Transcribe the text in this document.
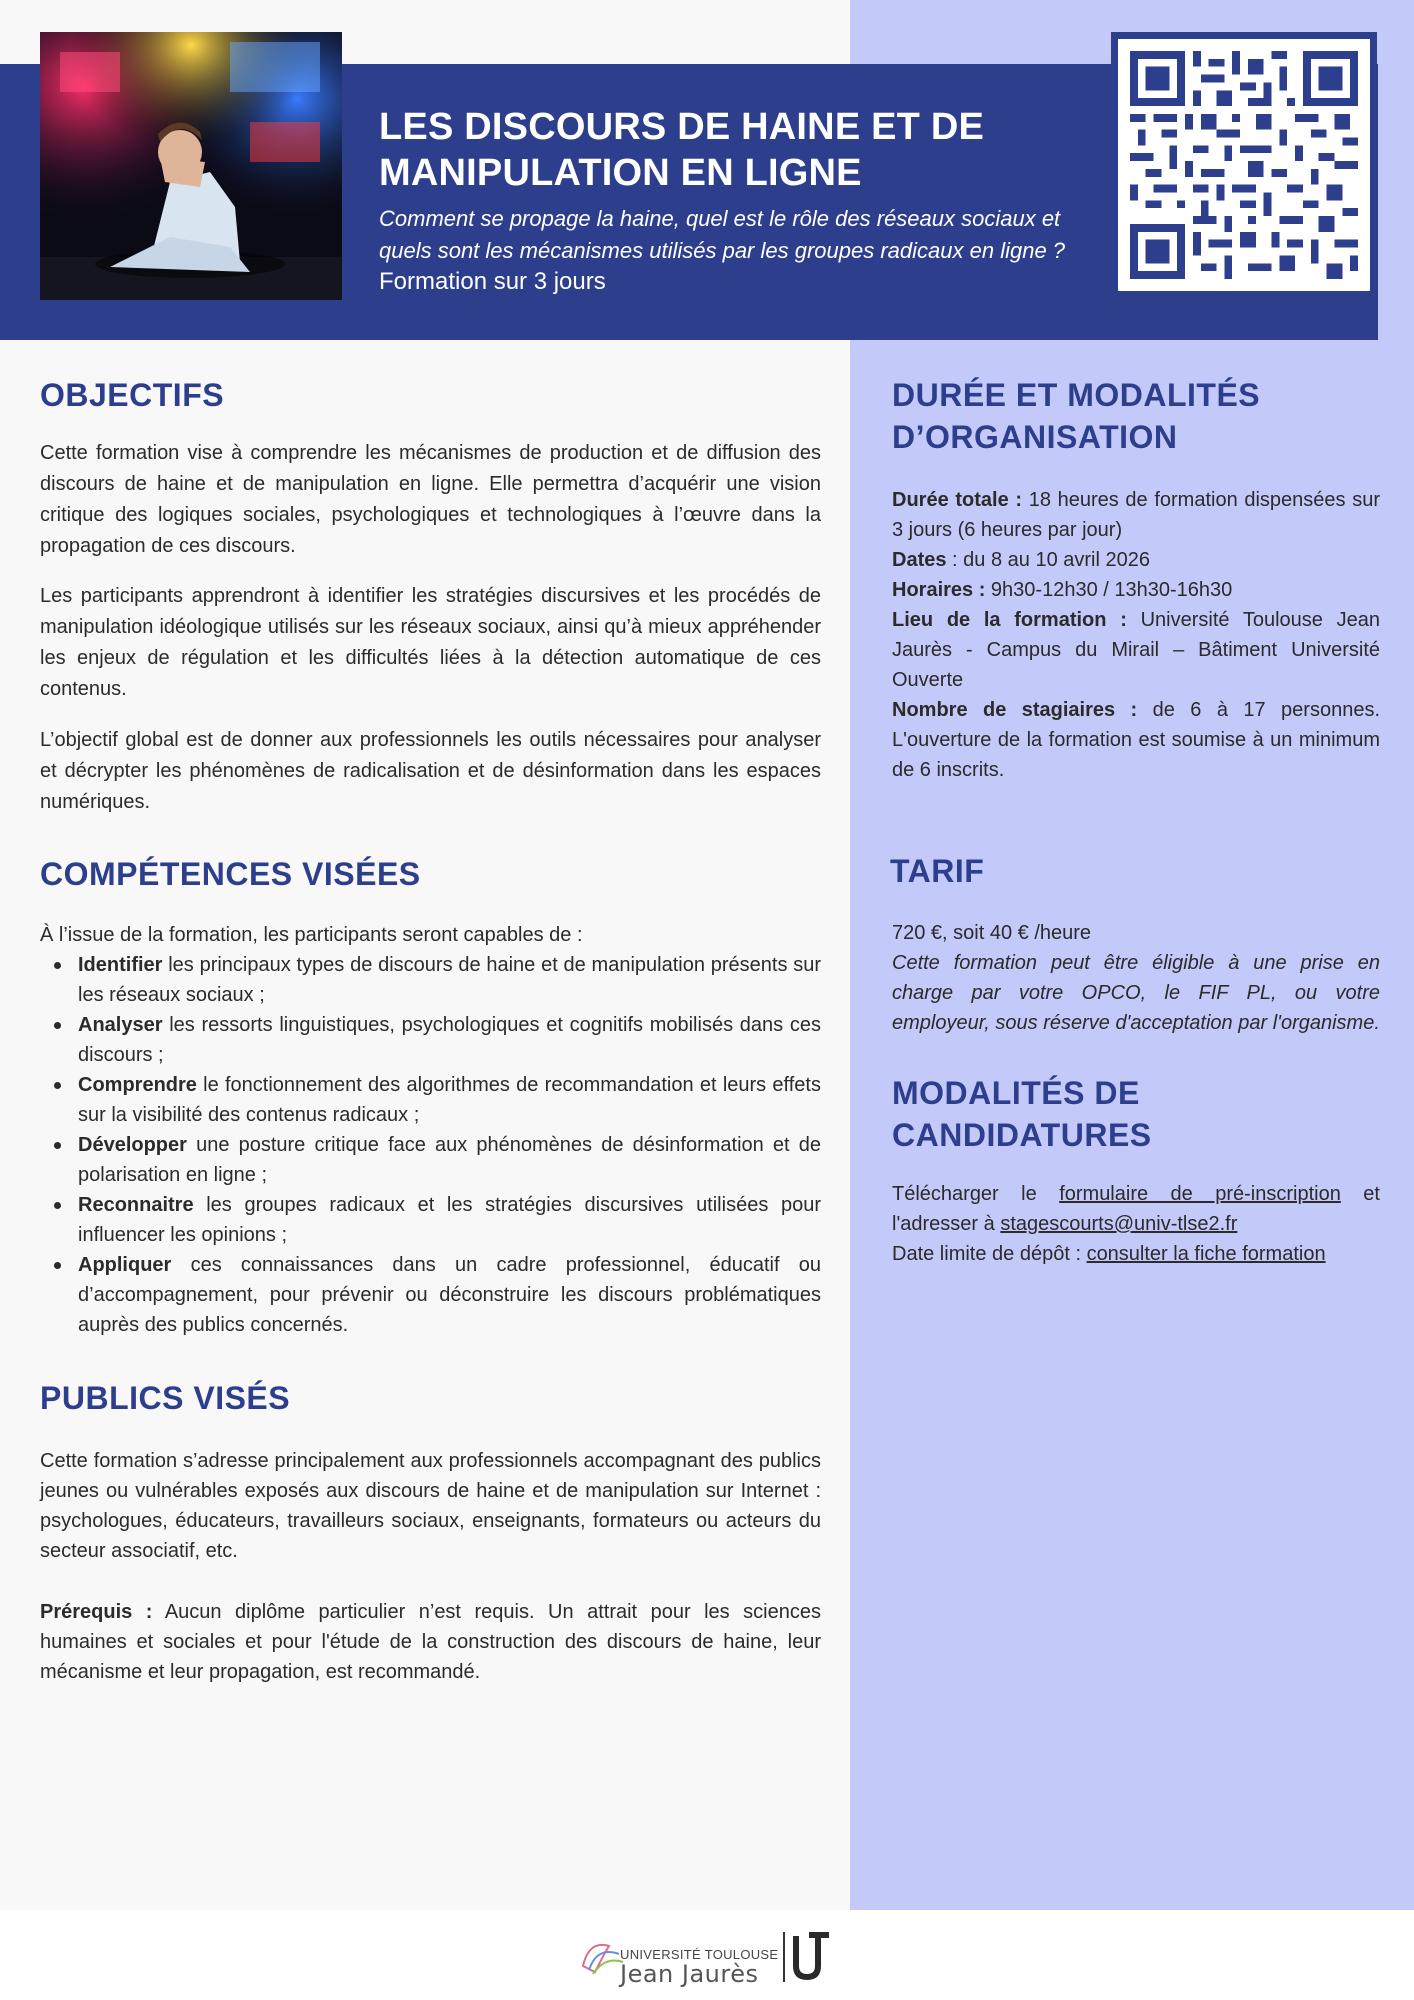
LES DISCOURS DE HAINE ET DE
MANIPULATION EN LIGNE
Comment se propage la haine, quel est le rôle des réseaux sociaux et
quels sont les mécanismes utilisés par les groupes radicaux en ligne ?
Formation sur 3 jours
OBJECTIFS
Cette formation vise à comprendre les mécanismes de production et de diffusion des discours de haine et de manipulation en ligne. Elle permettra d’acquérir une vision critique des logiques sociales, psychologiques et technologiques à l’œuvre dans la propagation de ces discours.
Les participants apprendront à identifier les stratégies discursives et les procédés de manipulation idéologique utilisés sur les réseaux sociaux, ainsi qu’à mieux appréhender les enjeux de régulation et les difficultés liées à la détection automatique de ces contenus.
L’objectif global est de donner aux professionnels les outils nécessaires pour analyser et décrypter les phénomènes de radicalisation et de désinformation dans les espaces numériques.
COMPÉTENCES VISÉES
À l’issue de la formation, les participants seront capables de :
Identifier les principaux types de discours de haine et de manipulation présents sur les réseaux sociaux ;
Analyser les ressorts linguistiques, psychologiques et cognitifs mobilisés dans ces discours ;
Comprendre le fonctionnement des algorithmes de recommandation et leurs effets sur la visibilité des contenus radicaux ;
Développer une posture critique face aux phénomènes de désinformation et de polarisation en ligne ;
Reconnaitre les groupes radicaux et les stratégies discursives utilisées pour influencer les opinions ;
Appliquer ces connaissances dans un cadre professionnel, éducatif ou d’accompagnement, pour prévenir ou déconstruire les discours problématiques auprès des publics concernés.
PUBLICS VISÉS
Cette formation s’adresse principalement aux professionnels accompagnant des publics jeunes ou vulnérables exposés aux discours de haine et de manipulation sur Internet : psychologues, éducateurs, travailleurs sociaux, enseignants, formateurs ou acteurs du secteur associatif, etc.
Prérequis : Aucun diplôme particulier n’est requis. Un attrait pour les sciences humaines et sociales et pour l'étude de la construction des discours de haine, leur mécanisme et leur propagation, est recommandé.
DURÉE ET MODALITÉS
D’ORGANISATION
Durée totale : 18 heures de formation dispensées sur 3 jours (6 heures par jour)
Dates : du 8 au 10 avril 2026
Horaires : 9h30-12h30 / 13h30-16h30
Lieu de la formation : Université Toulouse Jean Jaurès - Campus du Mirail – Bâtiment Université Ouverte
Nombre de stagiaires : de 6 à 17 personnes. L'ouverture de la formation est soumise à un minimum de 6 inscrits.
TARIF
720 €, soit 40 € /heure
Cette formation peut être éligible à une prise en charge par votre OPCO, le FIF PL, ou votre employeur, sous réserve d'acceptation par l'organisme.
MODALITÉS DE
CANDIDATURES
Télécharger le formulaire de pré-inscription et l'adresser à stagescourts@univ-tlse2.fr
Date limite de dépôt : consulter la fiche formation
UNIVERSITÉ TOULOUSE
Jean Jaurès
